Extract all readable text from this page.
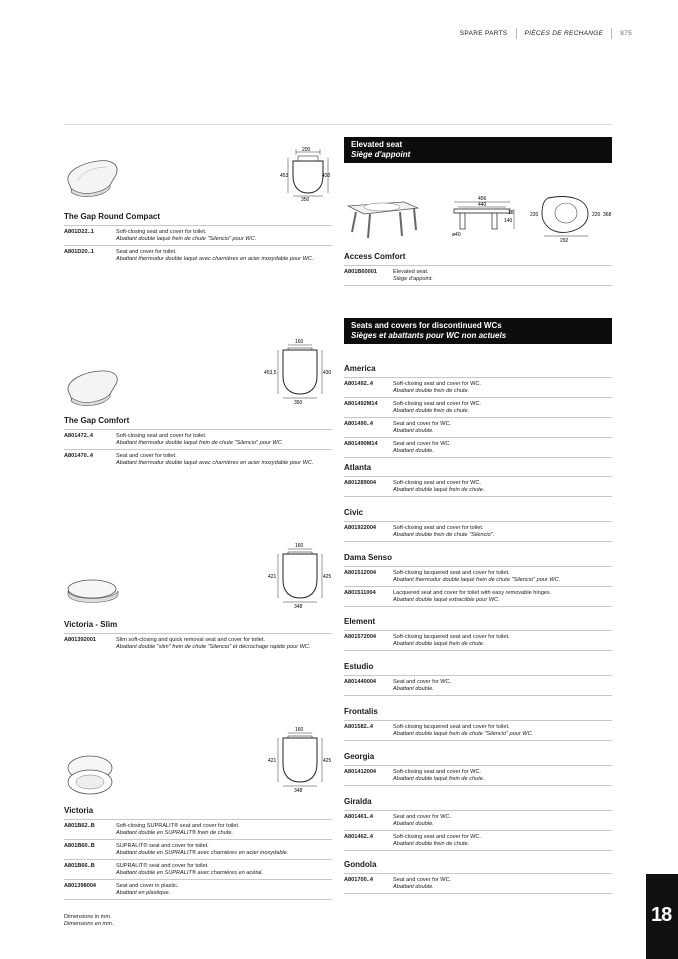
SPARE PARTS	PIÈCES DE RECHANGE	875
200
453	430
350
The Gap Round Compact
A801D22..1	Soft-closing seat and cover for toilet.
Abattant double laqué frein de chute "Silencio" pour WC.
A801D20..1	Seat and cover for toilet.
Abattant thermodur double laqué avec charnières en acier inoxydable pour WC.
160
453,5	430
350
The Gap Comfort
A801472..4	Soft-closing seat and cover for toilet.
Abattant thermodur double laqué frein de chute "Silencio" pour WC.
A801470..4	Seat and cover for toilet.
Abattant thermodur double laqué avec charnières en acier inoxydable pour WC.
160
421	425
348
Victoria - Slim
A801392001	Slim soft-closing and quick removal seat and cover for toilet.
Abattant double "slim" frein de chute "Silencio" et décrochage rapide pour WC.
160
421	425
348
Victoria
A801B62..B	Soft-closing SUPRALIT® seat and cover for toilet.
Abattant double en SUPRALIT® frein de chute.
A801B60..B	SUPRALIT® seat and cover for toilet.
Abattant double en SUPRALIT® avec charnières en acier inoxydable.
A801B66..B	SUPRALIT® seat and cover for toilet.
Abattant double en SUPRALIT® avec charnières en acétal.
A801398004	Seat and cover in plastic.
Abattant en plastique.
Dimensions in mm.
Dimensions en mm.
Elevated seat
Siège d'appoint
456
440
18
140
ø40
220	220 368
292
Access Comfort
A801B60001	Elevated seat.
Siège d'appoint.
Seats and covers for discontinued WCs
Sièges et abattants pour WC non actuels
America
A801492..4	Soft-closing seat and cover for WC.
Abattant double frein de chute.
A801492M14	Soft-closing seat and cover for WC.
Abattant double frein de chute.
A801490..4	Seat and cover for WC.
Abattant double.
A801490M14	Seat and cover for WC.
Abattant double.
Atlanta
A801289004	Soft-closing seat and cover for WC.
Abattant double laqué frein de chute.
Civic
A801922004	Soft-closing seat and cover for toilet.
Abattant double frein de chute "Silencio".
Dama Senso
A801512004	Soft-closing lacquered seat and cover for toilet.
Abattant thermodur double laqué frein de chute "Silencio" pour WC.
A801511004	Lacquered seat and cover for toilet with easy removable hinges.
Abattant double laqué extractible pour WC.
Element
A801572004	Soft-closing lacquered seat and cover for toilet.
Abattant double laqué frein de chute.
Estudio
A801440004	Seat and cover for WC.
Abattant double.
Frontalis
A801582..4	Soft-closing lacquered seat and cover for toilet.
Abattant double laqué frein de chute "Silencio" pour WC.
Georgia
A801412004	Soft-closing seat and cover for WC.
Abattant double laqué frein de chute.
Giralda
A801461..4	Seat and cover for WC.
Abattant double.
A801462..4	Soft-closing seat and cover for WC.
Abattant double frein de chute.
Gondola
A801700..4	Seat and cover for WC.
Abattant double.
18
